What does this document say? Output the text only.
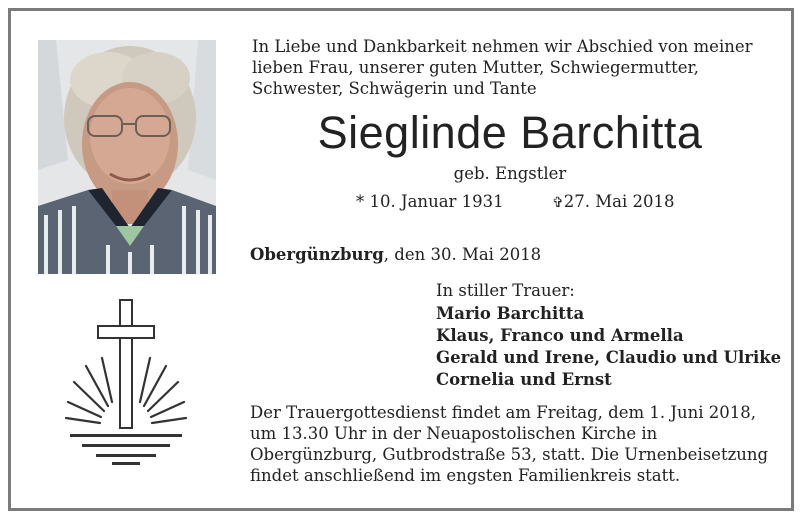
In Liebe und Dankbarkeit nehmen wir Abschied von meiner lieben Frau, unserer guten Mutter, Schwiegermutter, Schwester, Schwägerin und Tante
Sieglinde Barchitta
geb. Engstler
* 10. Januar 1931	✞27. Mai 2018
Obergünzburg, den 30. Mai 2018
In stiller Trauer:
Mario Barchitta
Klaus, Franco und Armella
Gerald und Irene, Claudio und Ulrike
Cornelia und Ernst
Der Trauergottesdienst findet am Freitag, dem 1. Juni 2018, um 13.30 Uhr in der Neuapostolischen Kirche in Obergünzburg, Gutbrodstraße 53, statt. Die Urnenbeisetzung findet anschließend im engsten Familienkreis statt.
